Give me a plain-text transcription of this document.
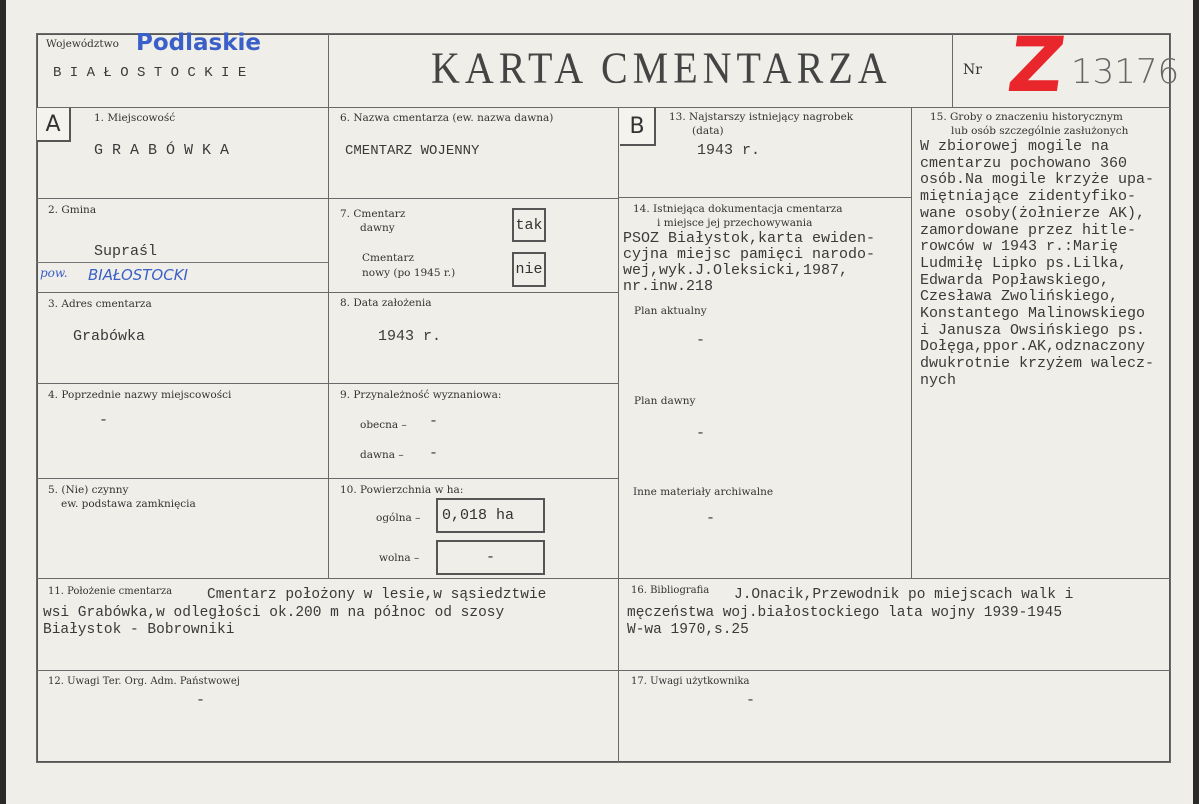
Województwo Podlaskie
B I A Ł O S T O C K I E	KARTA CMENTARZA	Nr Z 13176
A	1. Miejscowość
G R A B Ó W K A
2. Gmina
Supraśl
pow. BIAŁOSTOCKI
3. Adres cmentarza
Grabówka
4. Poprzednie nazwy miejscowości
-
5. (Nie) czynny
ew. podstawa zamknięcia
6. Nazwa cmentarza (ew. nazwa dawna)
CMENTARZ WOJENNY
7. Cmentarz
dawny	tak
Cmentarz
nowy (po 1945 r.)	nie
8. Data założenia
1943 r.
9. Przynależność wyznaniowa:
obecna – -
dawna – -
10. Powierzchnia w ha:
ogólna –	0,018 ha
wolna –	-
B	13. Najstarszy istniejący nagrobek
(data)
1943 r.
14. Istniejąca dokumentacja cmentarza
i miejsce jej przechowywania
PSOZ Białystok,karta ewiden-
cyjna miejsc pamięci narodo-
wej,wyk.J.Oleksicki,1987,
nr.inw.218
Plan aktualny
-
Plan dawny
-
Inne materiały archiwalne
-
15. Groby o znaczeniu historycznym
lub osób szczególnie zasłużonych
W zbiorowej mogile na
cmentarzu pochowano 360
osób.Na mogile krzyże upa-
miętniające zidentyfiko-
wane osoby(żołnierze AK),
zamordowane przez hitle-
rowców w 1943 r.:Marię
Ludmiłę Lipko ps.Lilka,
Edwarda Popławskiego,
Czesława Zwolińskiego,
Konstantego Malinowskiego
i Janusza Owsińskiego ps.
Dołęga,ppor.AK,odznaczony
dwukrotnie krzyżem walecz-
nych
11. Położenie cmentarza Cmentarz położony w lesie,w sąsiedztwie
wsi Grabówka,w odległości ok.200 m na północ od szosy
Białystok - Bobrowniki
16. Bibliografia J.Onacik,Przewodnik po miejscach walk i
męczeństwa woj.białostockiego lata wojny 1939-1945
W-wa 1970,s.25
12. Uwagi Ter. Org. Adm. Państwowej
-
17. Uwagi użytkownika
-
